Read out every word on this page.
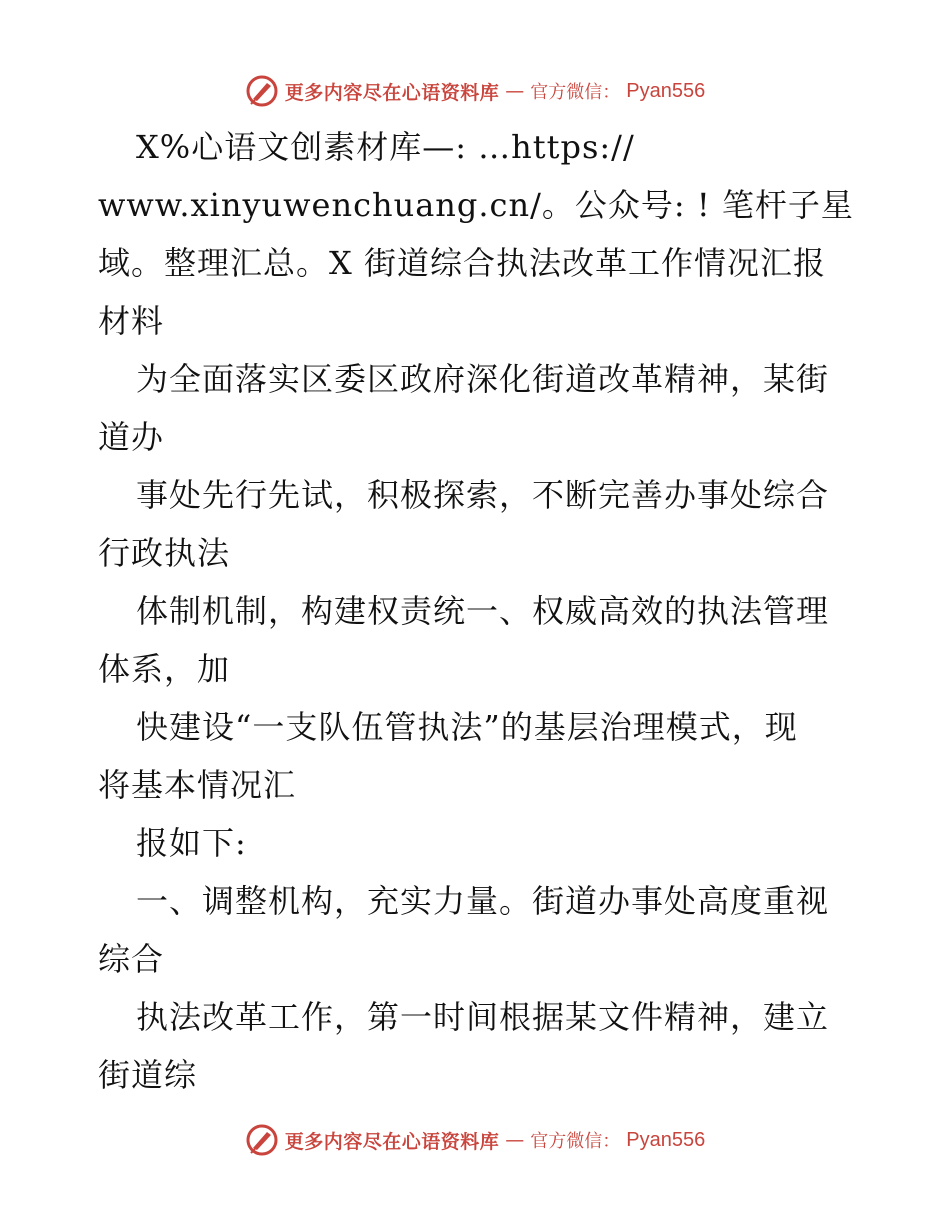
更多内容尽在心语资料库 — 官方微信： Pyan556
X%心语文创素材库—: …https://
www.xinyuwenchuang.cn/。公众号: ! 笔杆子星
域。整理汇总。X 街道综合执法改革工作情况汇报
材料
为全面落实区委区政府深化街道改革精神，某街
道办
事处先行先试，积极探索，不断完善办事处综合
行政执法
体制机制，构建权责统一、权威高效的执法管理
体系，加
快建设“一支队伍管执法”的基层治理模式，现
将基本情况汇
报如下:
一、调整机构，充实力量。街道办事处高度重视
综合
执法改革工作，第一时间根据某文件精神，建立
街道综
更多内容尽在心语资料库 — 官方微信： Pyan556
